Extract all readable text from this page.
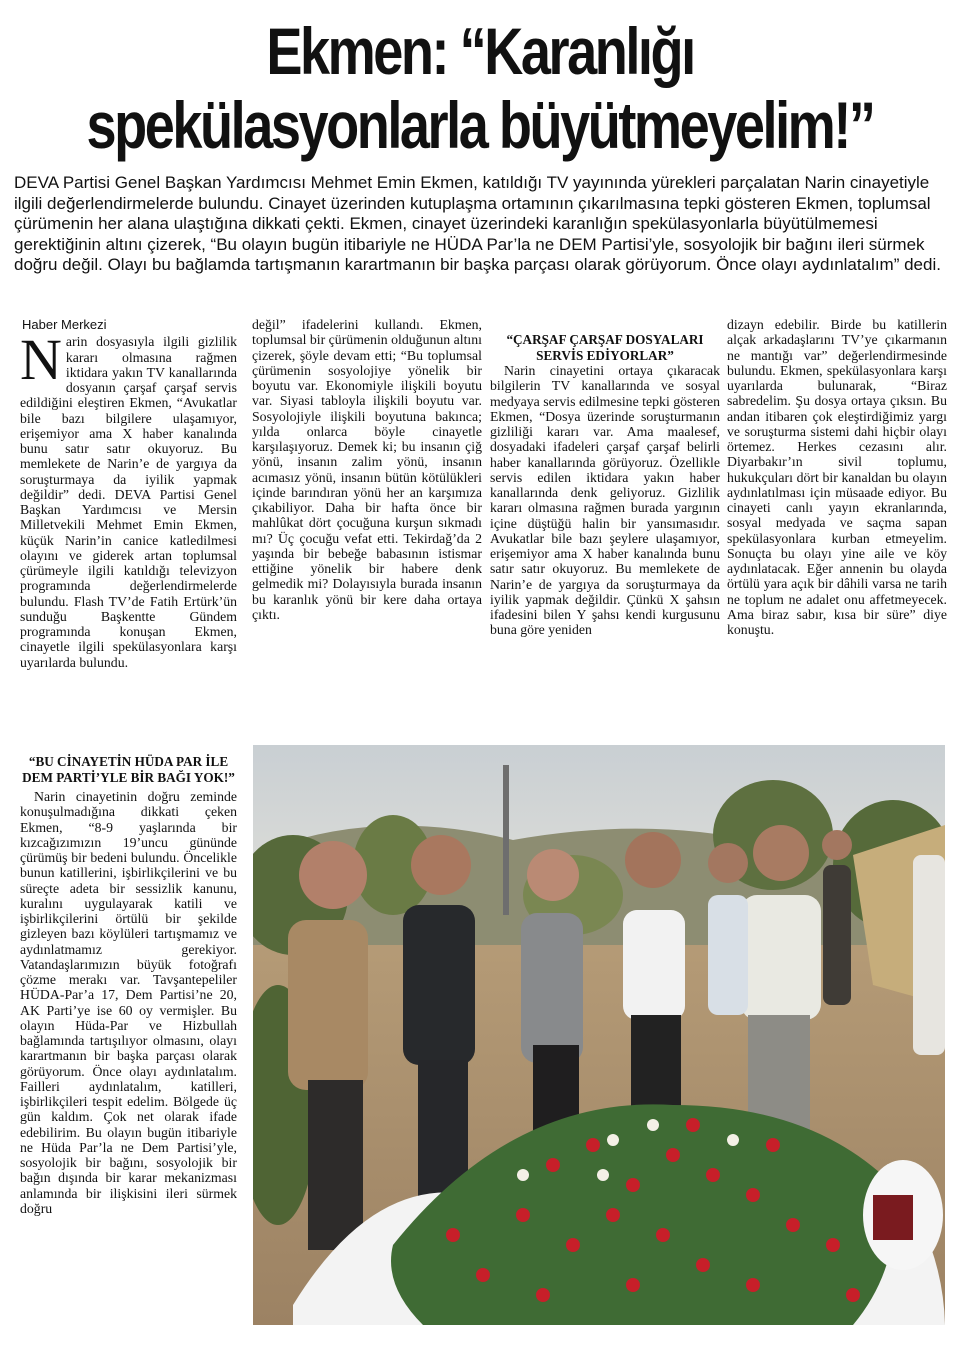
Ekmen: “Karanlığı
spekülasyonlarla büyütmeyelim!”
DEVA Partisi Genel Başkan Yardımcısı Mehmet Emin Ekmen, katıldığı TV yayınında yürekleri parçalatan Narin cinayetiyle ilgili değerlendirmelerde bulundu. Cinayet üzerinden kutuplaşma ortamının çıkarılmasına tepki gösteren Ekmen, toplumsal çürümenin her alana ulaştığına dikkati çekti. Ekmen, cinayet üzerindeki karanlığın spekülasyonlarla büyütülmemesi gerektiğinin altını çizerek, “Bu olayın bugün itibariyle ne HÜDA Par’la ne DEM Partisi’yle, sosyolojik bir bağını ileri sürmek doğru değil. Olayı bu bağlamda tartışmanın karartmanın bir başka parçası olarak görüyorum. Önce olayı aydınlatalım” dedi.
Haber Merkezi

Narin dosyasıyla ilgili gizlilik kararı olmasına rağmen iktidara yakın TV kanallarında dosyanın çarşaf çarşaf servis edildiğini eleştiren Ekmen, “Avukatlar bile bazı bilgilere ulaşamıyor, erişemiyor ama X haber kanalında bunu satır satır okuyoruz. Bu memlekete de Narin’e de yargıya da soruşturmaya da iyilik yapmak değildir” dedi. DEVA Partisi Genel Başkan Yardımcısı ve Mersin Milletvekili Mehmet Emin Ekmen, küçük Narin’in canice katledilmesi olayını ve giderek artan toplumsal çürümeyle ilgili katıldığı televizyon programında değerlendirmelerde bulundu. Flash TV’de Fatih Ertürk’ün sunduğu Başkentte Gündem programında konuşan Ekmen, cinayetle ilgili spekülasyonlara karşı uyarılarda bulundu.

“BU CİNAYETİN HÜDA PAR İLE DEM PARTİ’YLE BİR BAĞI YOK!”

Narin cinayetinin doğru zeminde konuşulmadığına dikkati çeken Ekmen, “8-9 yaşlarında bir kızcağızımızın 19’uncu gününde çürümüş bir bedeni bulundu. Öncelikle bunun katillerini, işbirlikçilerini ve bu süreçte adeta bir sessizlik kanunu, kuralını uygulayarak katili ve işbirlikçilerini örtülü bir şekilde gizleyen bazı köylüleri tartışmamız ve aydınlatmamız gerekiyor. Vatandaşlarımızın büyük fotoğrafı çözme merakı var. Tavşantepeliler HÜDA-Par’a 17, Dem Partisi’ne 20, AK Parti’ye ise 60 oy vermişler. Bu olayın Hüda-Par ve Hizbullah bağlamında tartışılıyor olmasını, olayı karartmanın bir başka parçası olarak görüyorum. Önce olayı aydınlatalım. Failleri aydınlatalım, katilleri, işbirlikçileri tespit edelim. Bölgede üç gün kaldım. Çok net olarak ifade edebilirim. Bu olayın bugün itibariyle ne Hüda Par’la ne Dem Partisi’yle, sosyolojik bir bağını, sosyolojik bir bağın dışında bir karar mekanizması anlamında bir ilişkisini ileri sürmek doğru

değil” ifadelerini kullandı. Ekmen, toplumsal bir çürümenin olduğunun altını çizerek, şöyle devam etti; “Bu toplumsal çürümenin sosyolojiye yönelik bir boyutu var. Ekonomiyle ilişkili boyutu var. Siyasi tabloyla ilişkili boyutu var. Sosyolojiyle ilişkili boyutuna bakınca; yılda onlarca böyle cinayetle karşılaşıyoruz. Demek ki; bu insanın çiğ yönü, insanın zalim yönü, insanın acımasız yönü, insanın bütün kötülükleri içinde barındıran yönü her an karşımıza çıkabiliyor. Daha bir hafta önce bir mahlûkat dört çocuğuna kurşun sıkmadı mı? Üç çocuğu vefat etti. Tekirdağ’da 2 yaşında bir bebeğe babasının istismar ettiğine yönelik bir habere denk gelmedik mi? Dolayısıyla burada insanın bu karanlık yönü bir kere daha ortaya çıktı.

“ÇARŞAF ÇARŞAF DOSYALARI SERVİS EDİYORLAR”

Narin cinayetini ortaya çıkaracak bilgilerin TV kanallarında ve sosyal medyaya servis edilmesine tepki gösteren Ekmen, “Dosya üzerinde soruşturmanın gizliliği kararı var. Ama maalesef, dosyadaki ifadeleri çarşaf çarşaf belirli haber kanallarında görüyoruz. Özellikle servis edilen iktidara yakın haber kanallarında denk geliyoruz. Gizlilik kararı olmasına rağmen burada yargının içine düştüğü halin bir yansımasıdır. Avukatlar bile bazı şeylere ulaşamıyor, erişemiyor ama X haber kanalında bunu satır satır okuyoruz. Bu memlekete de Narin’e de yargıya da soruşturmaya da iyilik yapmak değildir. Çünkü X şahsın ifadesini bilen Y şahsı kendi kurgusunu buna göre yeniden

dizayn edebilir. Birde bu katillerin alçak arkadaşlarını TV’ye çıkarmanın ne mantığı var” değerlendirmesinde bulundu. Ekmen, spekülasyonlara karşı uyarılarda bulunarak, “Biraz sabredelim. Şu dosya ortaya çıksın. Bu andan itibaren çok eleştirdiğimiz yargı ve soruşturma sistemi dahi hiçbir olayı örtemez. Herkes cezasını alır. Diyarbakır’ın sivil toplumu, hukukçuları dört bir kanaldan bu olayın aydınlatılması için müsaade ediyor. Bu cinayeti canlı yayın ekranlarında, sosyal medyada ve saçma sapan spekülasyonlara kurban etmeyelim. Sonuçta bu olayı yine aile ve köy aydınlatacak. Eğer annenin bu olayda örtülü yara açık bir dâhili varsa ne tarih ne toplum ne adalet onu affetmeyecek. Ama biraz sabır, kısa bir süre” diye konuştu.
